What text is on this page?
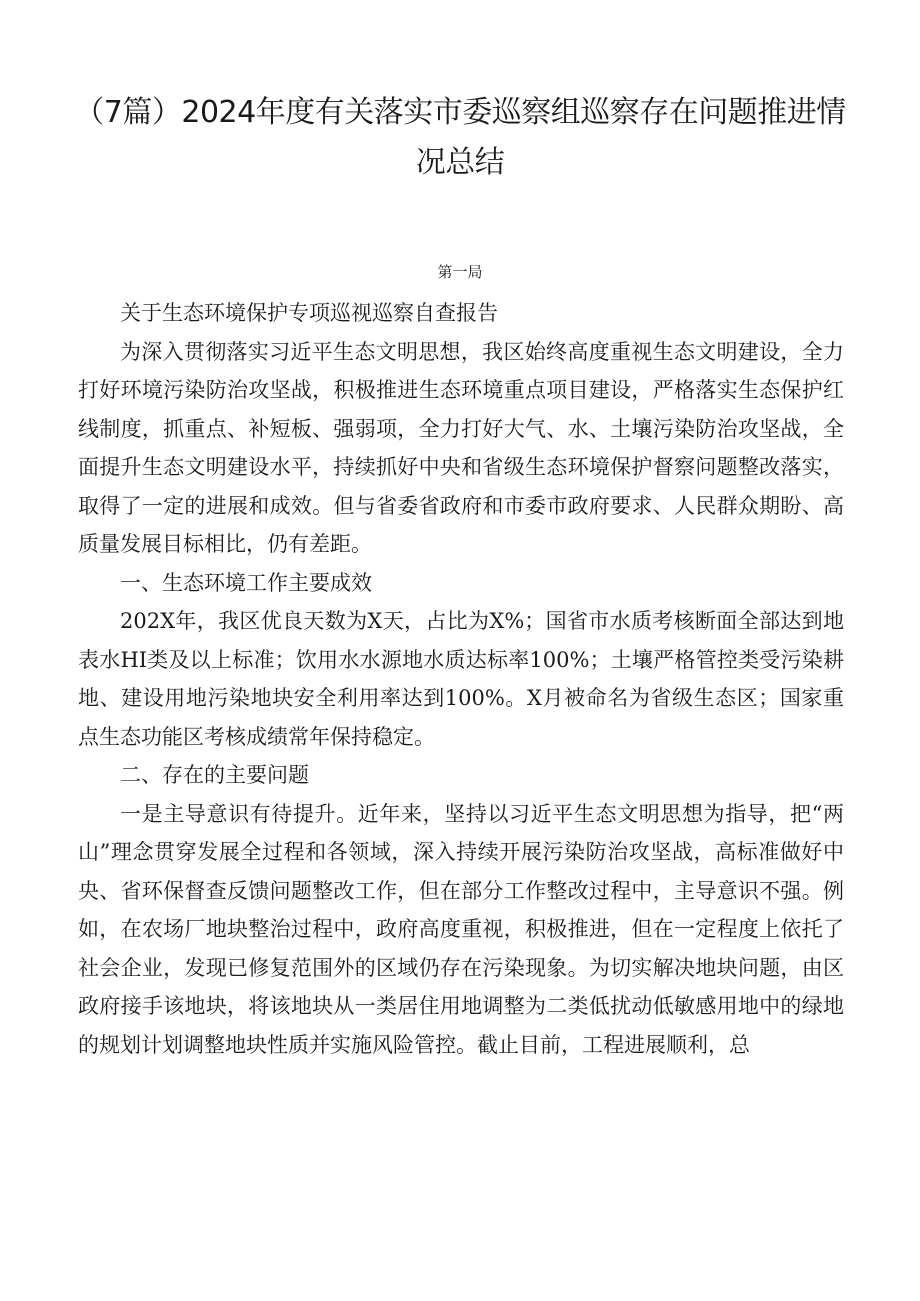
（7篇）2024年度有关落实市委巡察组巡察存在问题推进情
况总结
第一局

关于生态环境保护专项巡视巡察自查报告

为深入贯彻落实习近平生态文明思想，我区始终高度重视生态文明建设，全力打好环境污染防治攻坚战，积极推进生态环境重点项目建设，严格落实生态保护红线制度，抓重点、补短板、强弱项，全力打好大气、水、土壤污染防治攻坚战，全面提升生态文明建设水平，持续抓好中央和省级生态环境保护督察问题整改落实，取得了一定的进展和成效。但与省委省政府和市委市政府要求、人民群众期盼、高质量发展目标相比，仍有差距。

一、生态环境工作主要成效

202X年，我区优良天数为X天，占比为X%；国省市水质考核断面全部达到地表水HI类及以上标准；饮用水水源地水质达标率100%；土壤严格管控类受污染耕地、建设用地污染地块安全利用率达到100%。X月被命名为省级生态区；国家重点生态功能区考核成绩常年保持稳定。

二、存在的主要问题

一是主导意识有待提升。近年来，坚持以习近平生态文明思想为指导，把“两山”理念贯穿发展全过程和各领域，深入持续开展污染防治攻坚战，高标准做好中央、省环保督查反馈问题整改工作，但在部分工作整改过程中，主导意识不强。例如，在农场厂地块整治过程中，政府高度重视，积极推进，但在一定程度上依托了社会企业，发现已修复范围外的区域仍存在污染现象。为切实解决地块问题，由区政府接手该地块，将该地块从一类居住用地调整为二类低扰动低敏感用地中的绿地的规划计划调整地块性质并实施风险管控。截止目前，工程进展顺利，总
